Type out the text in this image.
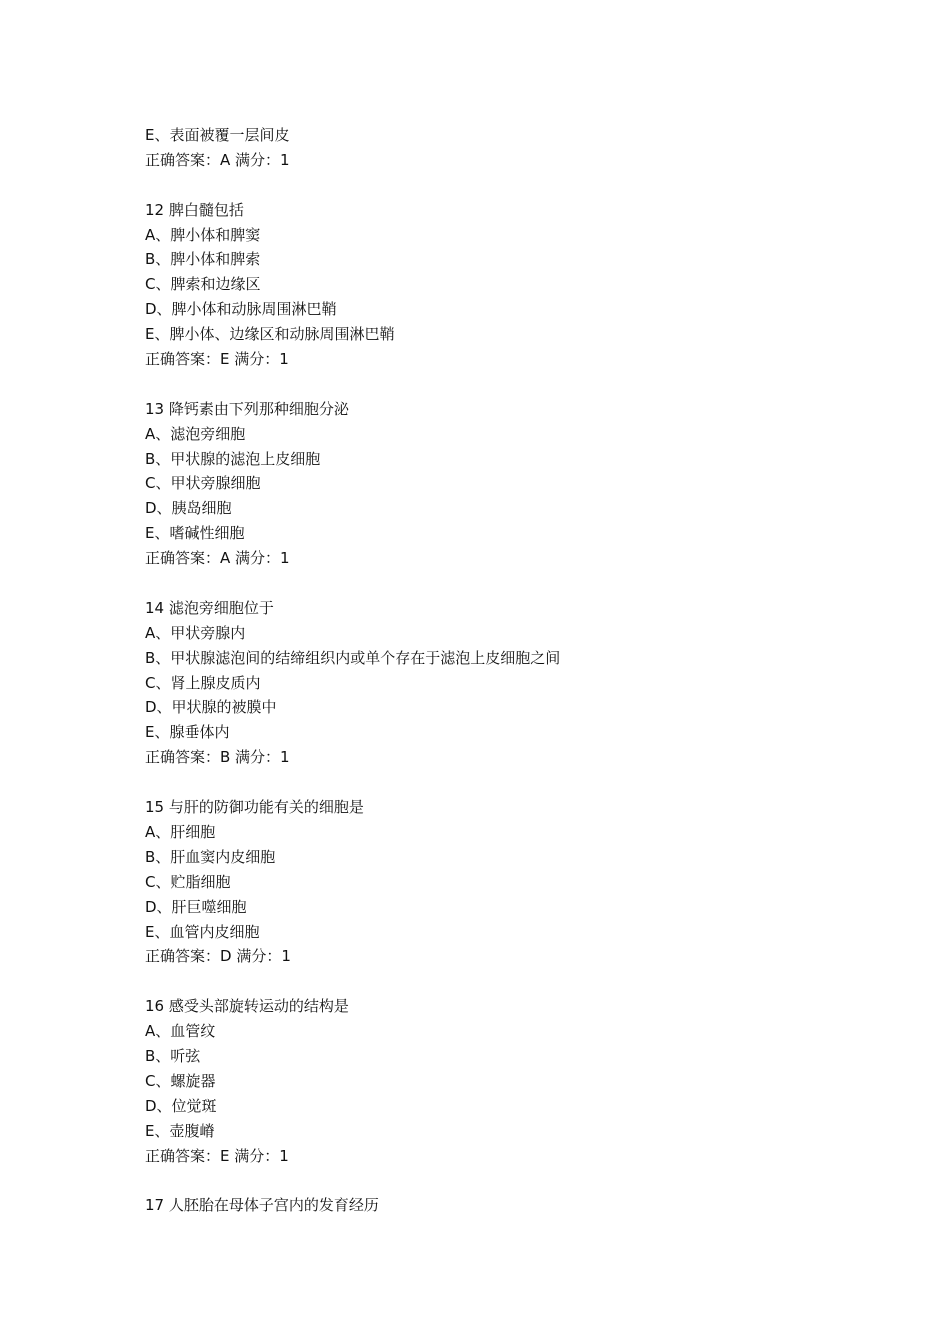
E、表面被覆一层间皮
正确答案：A 满分：1
12 脾白髓包括
A、脾小体和脾窦
B、脾小体和脾索
C、脾索和边缘区
D、脾小体和动脉周围淋巴鞘
E、脾小体、边缘区和动脉周围淋巴鞘
正确答案：E 满分：1
13 降钙素由下列那种细胞分泌
A、滤泡旁细胞
B、甲状腺的滤泡上皮细胞
C、甲状旁腺细胞
D、胰岛细胞
E、嗜碱性细胞
正确答案：A 满分：1
14 滤泡旁细胞位于
A、甲状旁腺内
B、甲状腺滤泡间的结缔组织内或单个存在于滤泡上皮细胞之间
C、肾上腺皮质内
D、甲状腺的被膜中
E、腺垂体内
正确答案：B 满分：1
15 与肝的防御功能有关的细胞是
A、肝细胞
B、肝血窦内皮细胞
C、贮脂细胞
D、肝巨噬细胞
E、血管内皮细胞
正确答案：D 满分：1
16 感受头部旋转运动的结构是
A、血管纹
B、听弦
C、螺旋器
D、位觉斑
E、壶腹嵴
正确答案：E 满分：1
17 人胚胎在母体子宫内的发育经历
